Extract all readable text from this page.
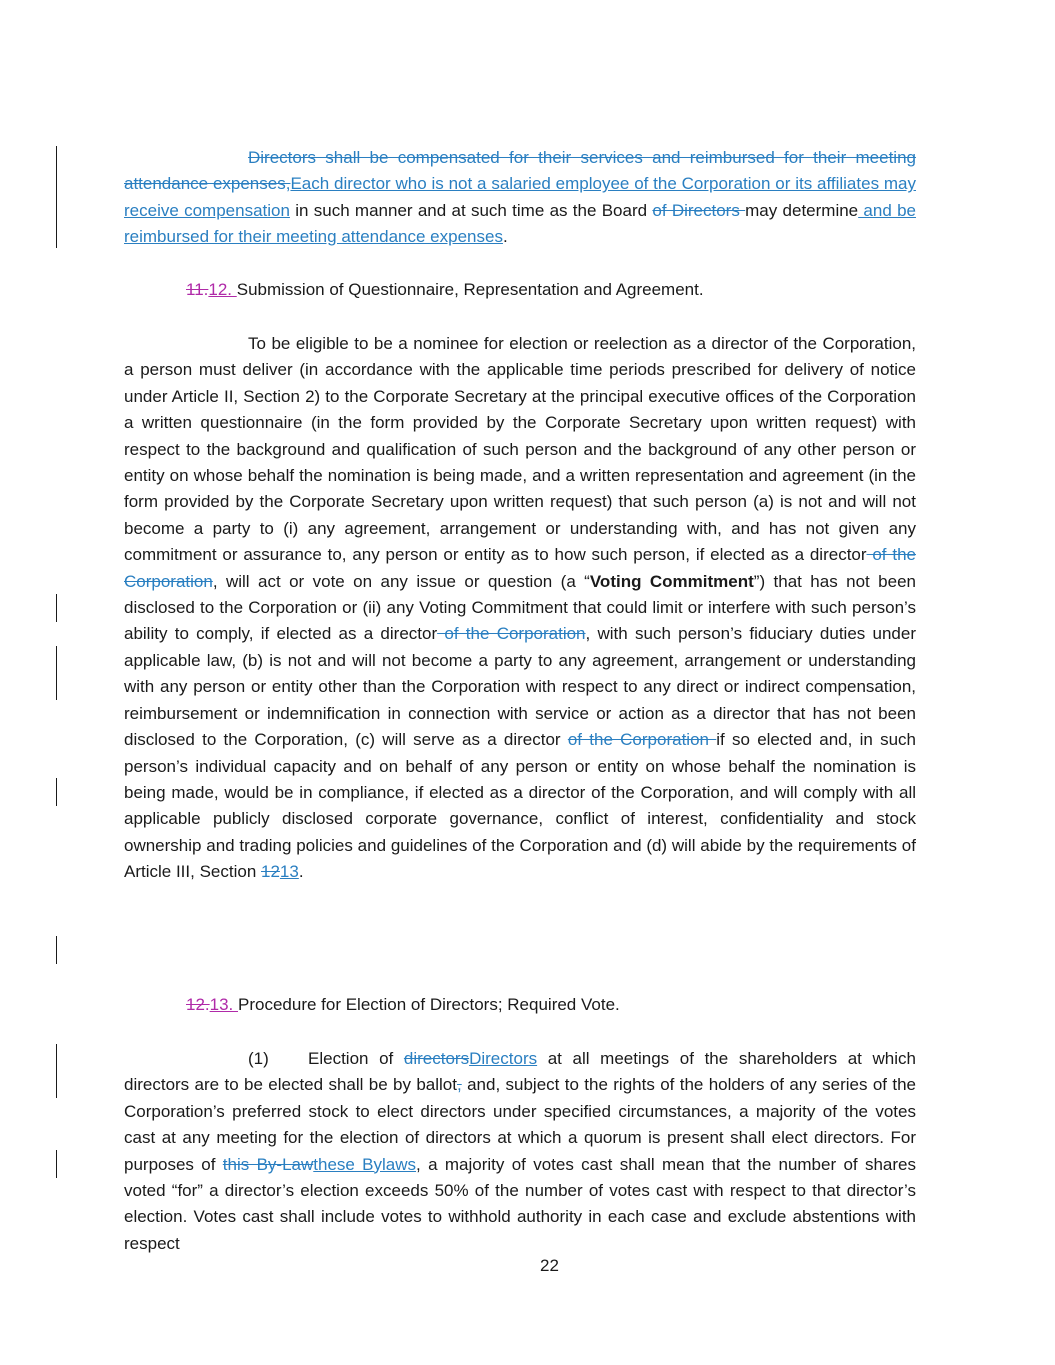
Directors shall be compensated for their services and reimbursed for their meeting attendance expenses,Each director who is not a salaried employee of the Corporation or its affiliates may receive compensation in such manner and at such time as the Board of Directors may determine and be reimbursed for their meeting attendance expenses.

11.12. Submission of Questionnaire, Representation and Agreement.

To be eligible to be a nominee for election or reelection as a director of the Corporation, a person must deliver (in accordance with the applicable time periods prescribed for delivery of notice under Article II, Section 2) to the Corporate Secretary at the principal executive offices of the Corporation a written questionnaire (in the form provided by the Corporate Secretary upon written request) with respect to the background and qualification of such person and the background of any other person or entity on whose behalf the nomination is being made, and a written representation and agreement (in the form provided by the Corporate Secretary upon written request) that such person (a) is not and will not become a party to (i) any agreement, arrangement or understanding with, and has not given any commitment or assurance to, any person or entity as to how such person, if elected as a director of the Corporation, will act or vote on any issue or question (a “Voting Commitment”) that has not been disclosed to the Corporation or (ii) any Voting Commitment that could limit or interfere with such person’s ability to comply, if elected as a director of the Corporation, with such person’s fiduciary duties under applicable law, (b) is not and will not become a party to any agreement, arrangement or understanding with any person or entity other than the Corporation with respect to any direct or indirect compensation, reimbursement or indemnification in connection with service or action as a director that has not been disclosed to the Corporation, (c) will serve as a director of the Corporation if so elected and, in such person’s individual capacity and on behalf of any person or entity on whose behalf the nomination is being made, would be in compliance, if elected as a director of the Corporation, and will comply with all applicable publicly disclosed corporate governance, conflict of interest, confidentiality and stock ownership and trading policies and guidelines of the Corporation and (d) will abide by the requirements of Article III, Section 1213.

12.13. Procedure for Election of Directors; Required Vote.

(1) Election of directorsDirectors at all meetings of the shareholders at which directors are to be elected shall be by ballot, and, subject to the rights of the holders of any series of the Corporation’s preferred stock to elect directors under specified circumstances, a majority of the votes cast at any meeting for the election of directors at which a quorum is present shall elect directors. For purposes of this By-Lawthese Bylaws, a majority of votes cast shall mean that the number of shares voted “for” a director’s election exceeds 50% of the number of votes cast with respect to that director’s election. Votes cast shall include votes to withhold authority in each case and exclude abstentions with respect

22
